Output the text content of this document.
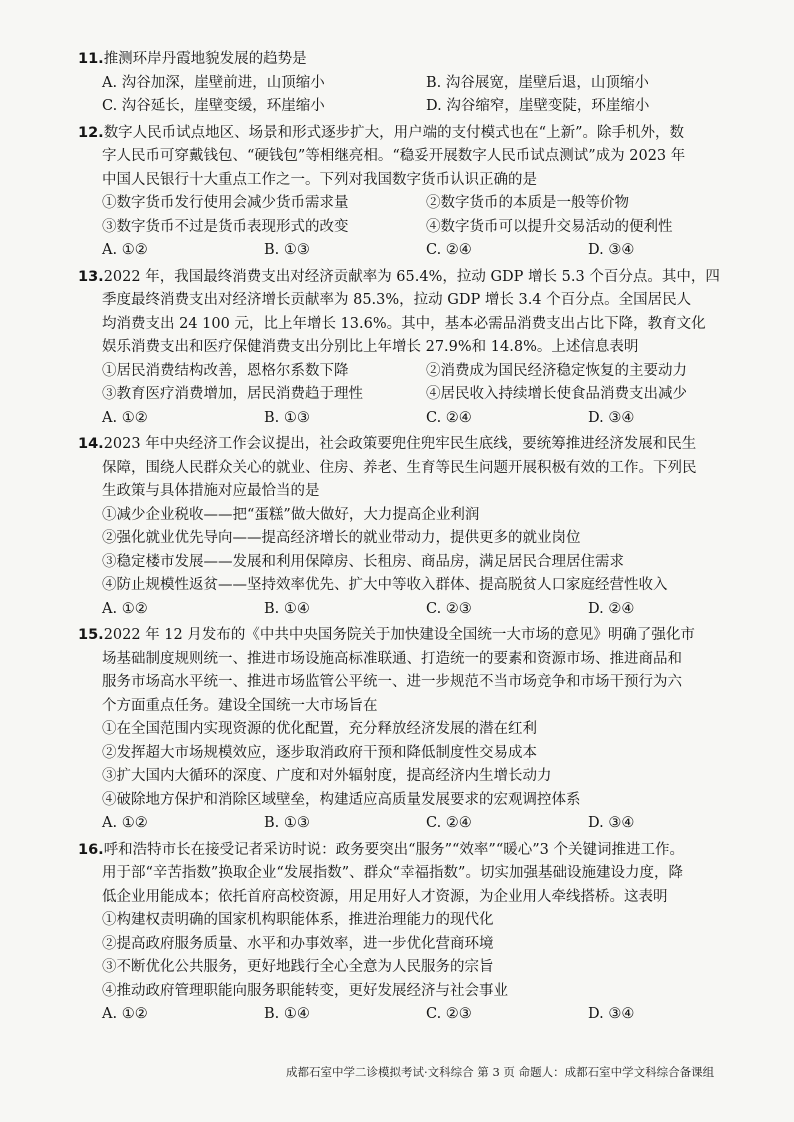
11.推测环岸丹霞地貌发展的趋势是
A. 沟谷加深，崖壁前进，山顶缩小	B. 沟谷展宽，崖壁后退，山顶缩小
C. 沟谷延长，崖壁变缓，环崖缩小	D. 沟谷缩窄，崖壁变陡，环崖缩小
12.数字人民币试点地区、场景和形式逐步扩大，用户端的支付模式也在“上新”。除手机外，数
字人民币可穿戴钱包、“硬钱包”等相继亮相。“稳妥开展数字人民币试点测试”成为 2023 年
中国人民银行十大重点工作之一。下列对我国数字货币认识正确的是
①数字货币发行使用会减少货币需求量	②数字货币的本质是一般等价物
③数字货币不过是货币表现形式的改变	④数字货币可以提升交易活动的便利性
A. ①②	B. ①③	C. ②④	D. ③④
13.2022 年，我国最终消费支出对经济贡献率为 65.4%，拉动 GDP 增长 5.3 个百分点。其中，四
季度最终消费支出对经济增长贡献率为 85.3%，拉动 GDP 增长 3.4 个百分点。全国居民人
均消费支出 24 100 元，比上年增长 13.6%。其中，基本必需品消费支出占比下降，教育文化
娱乐消费支出和医疗保健消费支出分别比上年增长 27.9%和 14.8%。上述信息表明
①居民消费结构改善，恩格尔系数下降	②消费成为国民经济稳定恢复的主要动力
③教育医疗消费增加，居民消费趋于理性	④居民收入持续增长使食品消费支出减少
A. ①②	B. ①③	C. ②④	D. ③④
14.2023 年中央经济工作会议提出，社会政策要兜住兜牢民生底线，要统筹推进经济发展和民生
保障，围绕人民群众关心的就业、住房、养老、生育等民生问题开展积极有效的工作。下列民
生政策与具体措施对应最恰当的是
①减少企业税收——把“蛋糕”做大做好，大力提高企业利润
②强化就业优先导向——提高经济增长的就业带动力，提供更多的就业岗位
③稳定楼市发展——发展和利用保障房、长租房、商品房，满足居民合理居住需求
④防止规模性返贫——坚持效率优先、扩大中等收入群体、提高脱贫人口家庭经营性收入
A. ①②	B. ①④	C. ②③	D. ②④
15.2022 年 12 月发布的《中共中央国务院关于加快建设全国统一大市场的意见》明确了强化市
场基础制度规则统一、推进市场设施高标准联通、打造统一的要素和资源市场、推进商品和
服务市场高水平统一、推进市场监管公平统一、进一步规范不当市场竞争和市场干预行为六
个方面重点任务。建设全国统一大市场旨在
①在全国范围内实现资源的优化配置，充分释放经济发展的潜在红利
②发挥超大市场规模效应，逐步取消政府干预和降低制度性交易成本
③扩大国内大循环的深度、广度和对外辐射度，提高经济内生增长动力
④破除地方保护和消除区域壁垒，构建适应高质量发展要求的宏观调控体系
A. ①②	B. ①③	C. ②④	D. ③④
16.呼和浩特市长在接受记者采访时说：政务要突出“服务”“效率”“暖心”3 个关键词推进工作。
用于部“辛苦指数”换取企业“发展指数”、群众“幸福指数”。切实加强基础设施建设力度，降
低企业用能成本；依托首府高校资源，用足用好人才资源，为企业用人牵线搭桥。这表明
①构建权责明确的国家机构职能体系，推进治理能力的现代化
②提高政府服务质量、水平和办事效率，进一步优化营商环境
③不断优化公共服务，更好地践行全心全意为人民服务的宗旨
④推动政府管理职能向服务职能转变，更好发展经济与社会事业
A. ①②	B. ①④	C. ②③	D. ③④
成都石室中学二诊模拟考试·文科综合 第 3 页 命题人：成都石室中学文科综合备课组
